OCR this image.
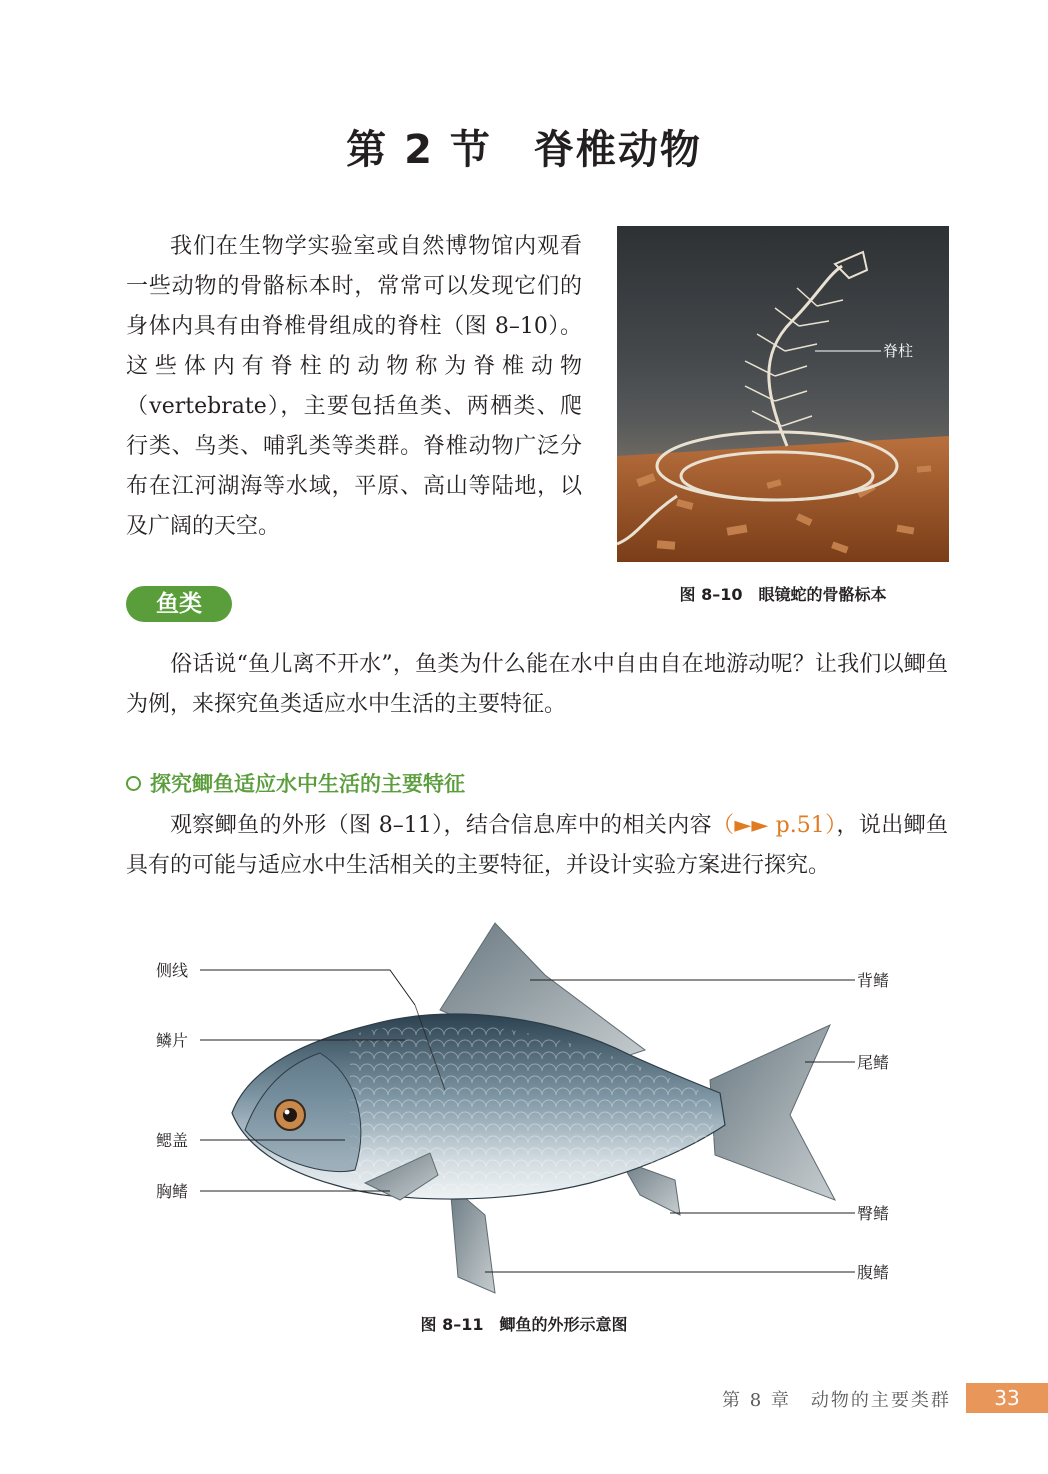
第 2 节　脊椎动物

我们在生物学实验室或自然博物馆内观看一些动物的骨骼标本时，常常可以发现它们的身体内具有由脊椎骨组成的脊柱（图 8–10）。这些体内有脊柱的动物称为脊椎动物（vertebrate），主要包括鱼类、两栖类、爬行类、鸟类、哺乳类等类群。脊椎动物广泛分布在江河湖海等水域，平原、高山等陆地，以及广阔的天空。

脊柱
图 8–10　眼镜蛇的骨骼标本
鱼类

俗话说“鱼儿离不开水”，鱼类为什么能在水中自由自在地游动呢？让我们以鲫鱼为例，来探究鱼类适应水中生活的主要特征。

探究鲫鱼适应水中生活的主要特征

观察鲫鱼的外形（图 8–11），结合信息库中的相关内容（►► p.51），说出鲫鱼具有的可能与适应水中生活相关的主要特征，并设计实验方案进行探究。

侧线
鳞片
鳃盖
胸鳍
背鳍
尾鳍
臀鳍
腹鳍
图 8–11　鲫鱼的外形示意图
第 8 章　动物的主要类群	33
